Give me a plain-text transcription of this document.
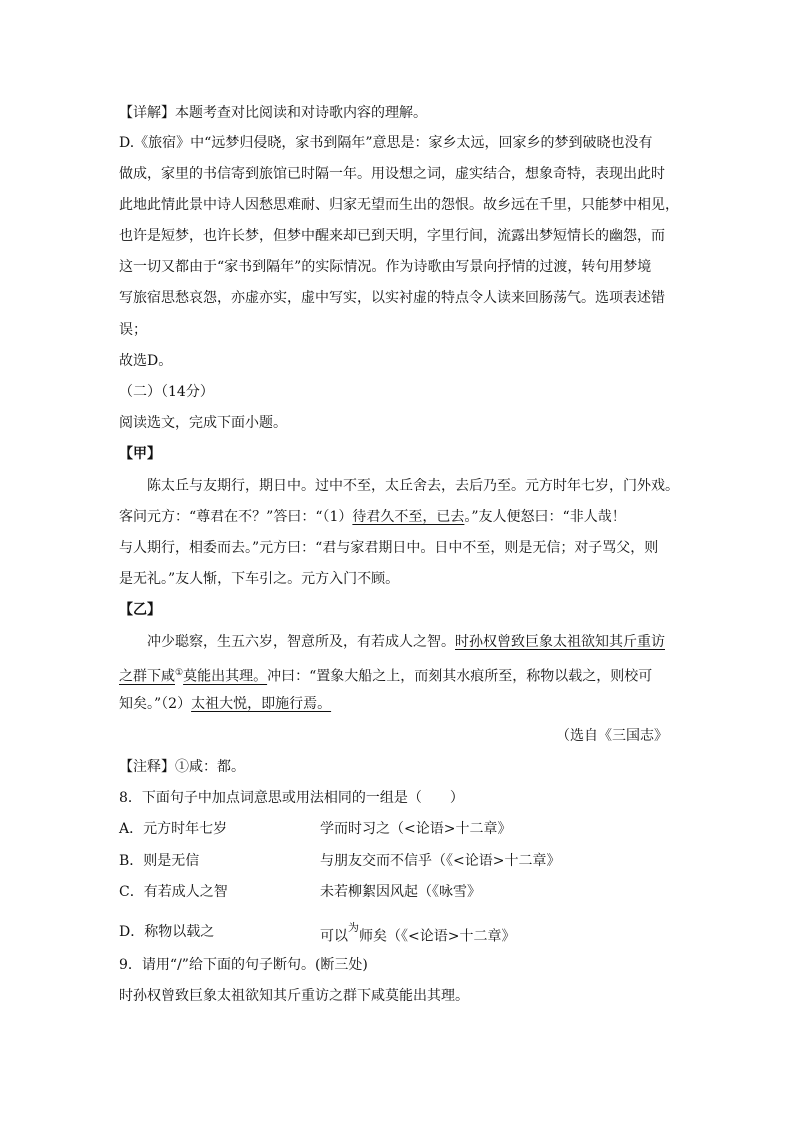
【详解】本题考查对比阅读和对诗歌内容的理解。
D.《旅宿》中“远梦归侵晓，家书到隔年”意思是：家乡太远，回家乡的梦到破晓也没有
做成，家里的书信寄到旅馆已时隔一年。用设想之词，虚实结合，想象奇特，表现出此时
此地此情此景中诗人因愁思难耐、归家无望而生出的怨恨。故乡远在千里，只能梦中相见，
也许是短梦，也许长梦，但梦中醒来却已到天明，字里行间，流露出梦短情长的幽怨，而
这一切又都由于“家书到隔年”的实际情况。作为诗歌由写景向抒情的过渡，转句用梦境
写旅宿思愁哀怨，亦虚亦实，虚中写实，以实衬虚的特点令人读来回肠荡气。选项表述错
误；
故选D。
（二）（14分）
阅读选文，完成下面小题。
【甲】
陈太丘与友期行，期日中。过中不至，太丘舍去，去后乃至。元方时年七岁，门外戏。
客问元方：“尊君在不？”答曰：“（1）待君久不至，已去。”友人便怒曰：“非人哉！
与人期行，相委而去。”元方曰：“君与家君期日中。日中不至，则是无信；对子骂父，则
是无礼。”友人惭，下车引之。元方入门不顾。
【乙】
冲少聪察，生五六岁，智意所及，有若成人之智。时孙权曾致巨象太祖欲知其斤重访
之群下咸①莫能出其理。冲曰：“置象大船之上，而刻其水痕所至，称物以载之，则校可
知矣。”（2）太祖大悦，即施行焉。
（选自《三国志》
【注释】①咸：都。
8．下面句子中加点词意思或用法相同的一组是（　　）
A．元方时年七岁	学而时习之（<论语>十二章》
B．则是无信	与朋友交而不信乎（《<论语>十二章》
C．有若成人之智	未若柳絮因风起（《咏雪》
D．称物以载之	可以$^为$师矣（《<论语>十二章》
9．请用“/”给下面的句子断句。(断三处)
时孙权曾致巨象太祖欲知其斤重访之群下咸莫能出其理。
